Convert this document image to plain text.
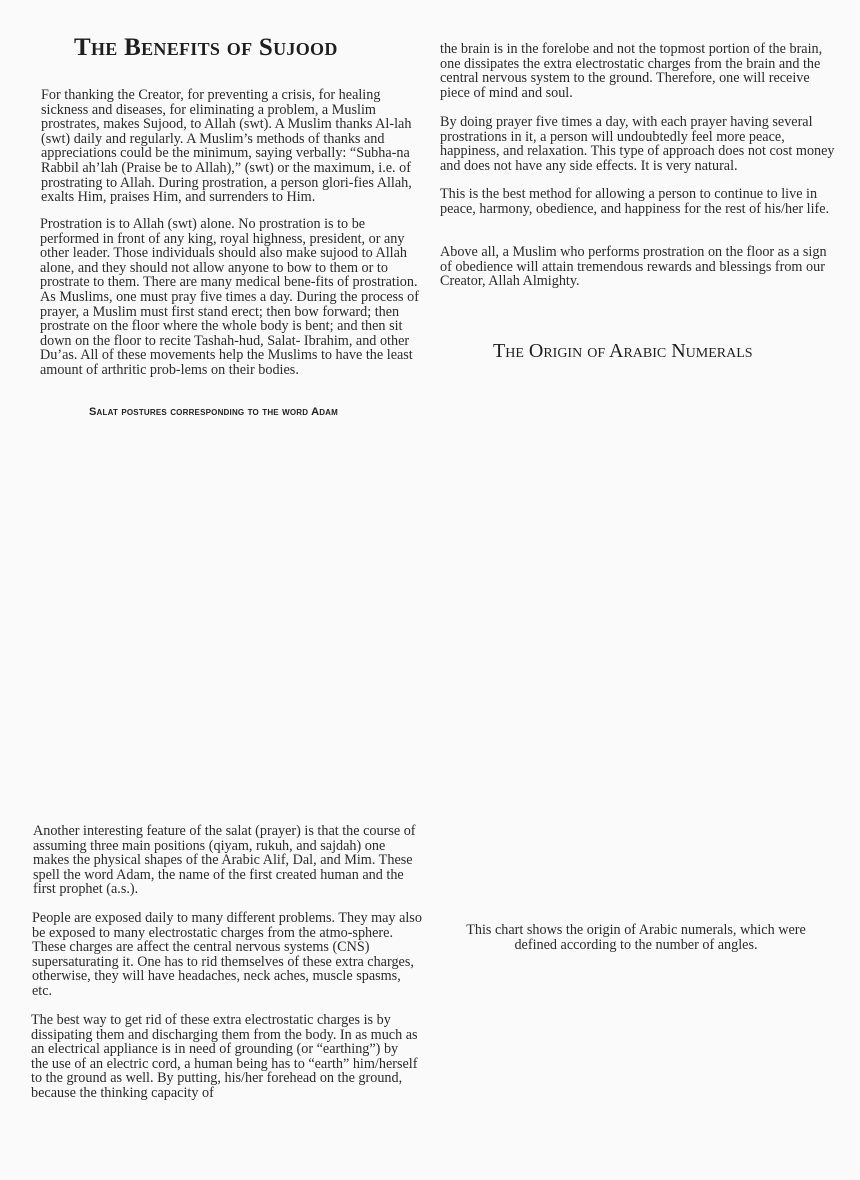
The Benefits of Sujood

For thanking the Creator, for preventing a crisis, for healing sickness and diseases, for eliminating a problem, a Muslim prostrates, makes Sujood, to Allah (swt). A Muslim thanks Al-lah (swt) daily and regularly. A Muslim’s methods of thanks and appreciations could be the minimum, saying verbally: “Subha-na Rabbil ah’lah (Praise be to Allah),” (swt) or the maximum, i.e. of prostrating to Allah. During prostration, a person glori-fies Allah, exalts Him, praises Him, and surrenders to Him.

Prostration is to Allah (swt) alone. No prostration is to be performed in front of any king, royal highness, president, or any other leader. Those individuals should also make sujood to Allah alone, and they should not allow anyone to bow to them or to prostrate to them. There are many medical bene-fits of prostration. As Muslims, one must pray five times a day. During the process of prayer, a Muslim must first stand erect; then bow forward; then prostrate on the floor where the whole body is bent; and then sit down on the floor to recite Tashah-hud, Salat- Ibrahim, and other Du’as. All of these movements help the Muslims to have the least amount of arthritic prob-lems on their bodies.

Salat postures corresponding to the word Adam

Another interesting feature of the salat (prayer) is that the course of assuming three main positions (qiyam, rukuh, and sajdah) one makes the physical shapes of the Arabic Alif, Dal, and Mim. These spell the word Adam, the name of the first created human and the first prophet (a.s.).

People are exposed daily to many different problems. They may also be exposed to many electrostatic charges from the atmo-sphere. These charges are affect the central nervous systems (CNS) supersaturating it. One has to rid themselves of these extra charges, otherwise, they will have headaches, neck aches, muscle spasms, etc.

The best way to get rid of these extra electrostatic charges is by dissipating them and discharging them from the body. In as much as an electrical appliance is in need of grounding (or “earthing”) by the use of an electric cord, a human being has to “earth” him/herself to the ground as well. By putting, his/her forehead on the ground, because the thinking capacity of

the brain is in the forelobe and not the topmost portion of the brain, one dissipates the extra electrostatic charges from the brain and the central nervous system to the ground. Therefore, one will receive piece of mind and soul.

By doing prayer five times a day, with each prayer having several prostrations in it, a person will undoubtedly feel more peace, happiness, and relaxation. This type of approach does not cost money and does not have any side effects. It is very natural.

This is the best method for allowing a person to continue to live in peace, harmony, obedience, and happiness for the rest of his/her life.

Above all, a Muslim who performs prostration on the floor as a sign of obedience will attain tremendous rewards and blessings from our Creator, Allah Almighty.

The Origin of Arabic Numerals

This chart shows the origin of Arabic numerals, which were defined according to the number of angles.
